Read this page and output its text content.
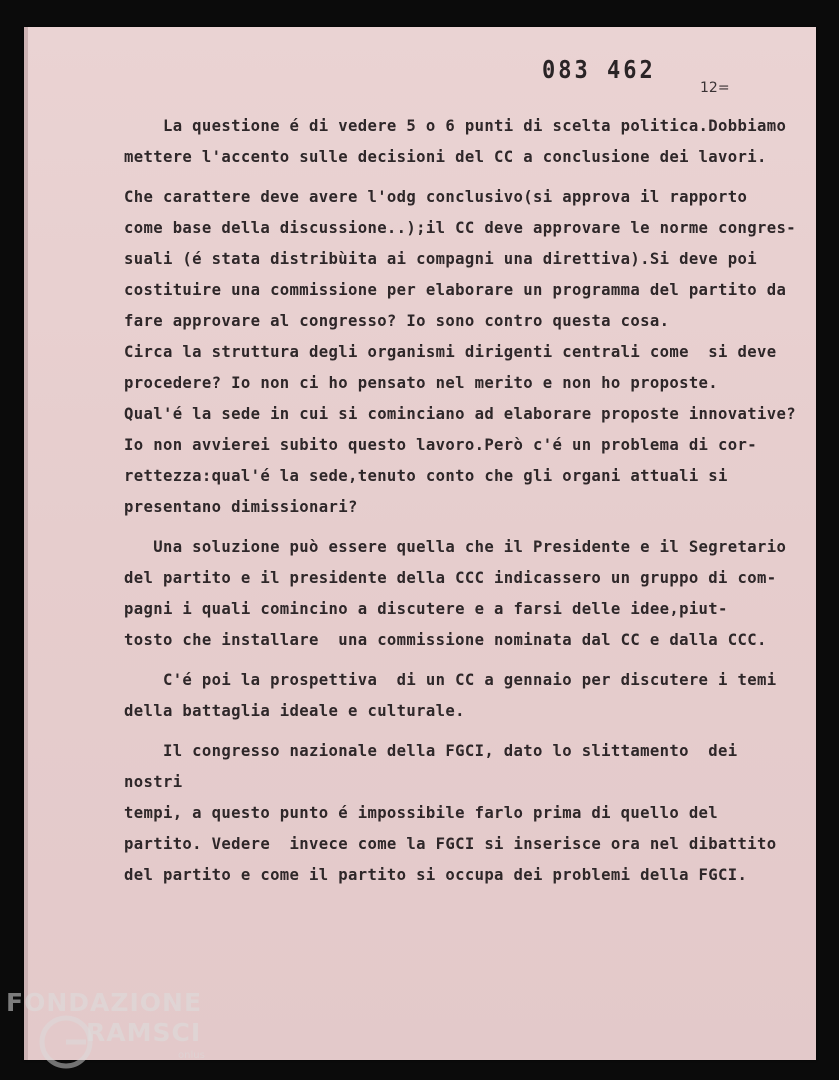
083 462
12=

La questione é di vedere 5 o 6 punti di scelta politica.Dobbiamo
mettere l'accento sulle decisioni del CC a conclusione dei lavori.

Che carattere deve avere l'odg conclusivo(si approva il rapporto
come base della discussione..);il CC deve approvare le norme congres-
suali (é stata distribùita ai compagni una direttiva).Si deve poi
costituire una commissione per elaborare un programma del partito da
fare approvare al congresso? Io sono contro questa cosa.
Circa la struttura degli organismi dirigenti centrali come  si deve
procedere? Io non ci ho pensato nel merito e non ho proposte.
Qual'é la sede in cui si cominciano ad elaborare proposte innovative?
Io non avvierei subito questo lavoro.Però c'é un problema di cor-
rettezza:qual'é la sede,tenuto conto che gli organi attuali si
presentano dimissionari?

Una soluzione può essere quella che il Presidente e il Segretario
del partito e il presidente della CCC indicassero un gruppo di com-
pagni i quali comincino a discutere e a farsi delle idee,piut-
tosto che installare  una commissione nominata dal CC e dalla CCC.

C'é poi la prospettiva  di un CC a gennaio per discutere i temi
della battaglia ideale e culturale.

Il congresso nazionale della FGCI, dato lo slittamento  dei nostri
tempi, a questo punto é impossibile farlo prima di quello del
partito. Vedere  invece come la FGCI si inserisce ora nel dibattito
del partito e come il partito si occupa dei problemi della FGCI.

FONDAZIONE
RAMSCI
onlus
